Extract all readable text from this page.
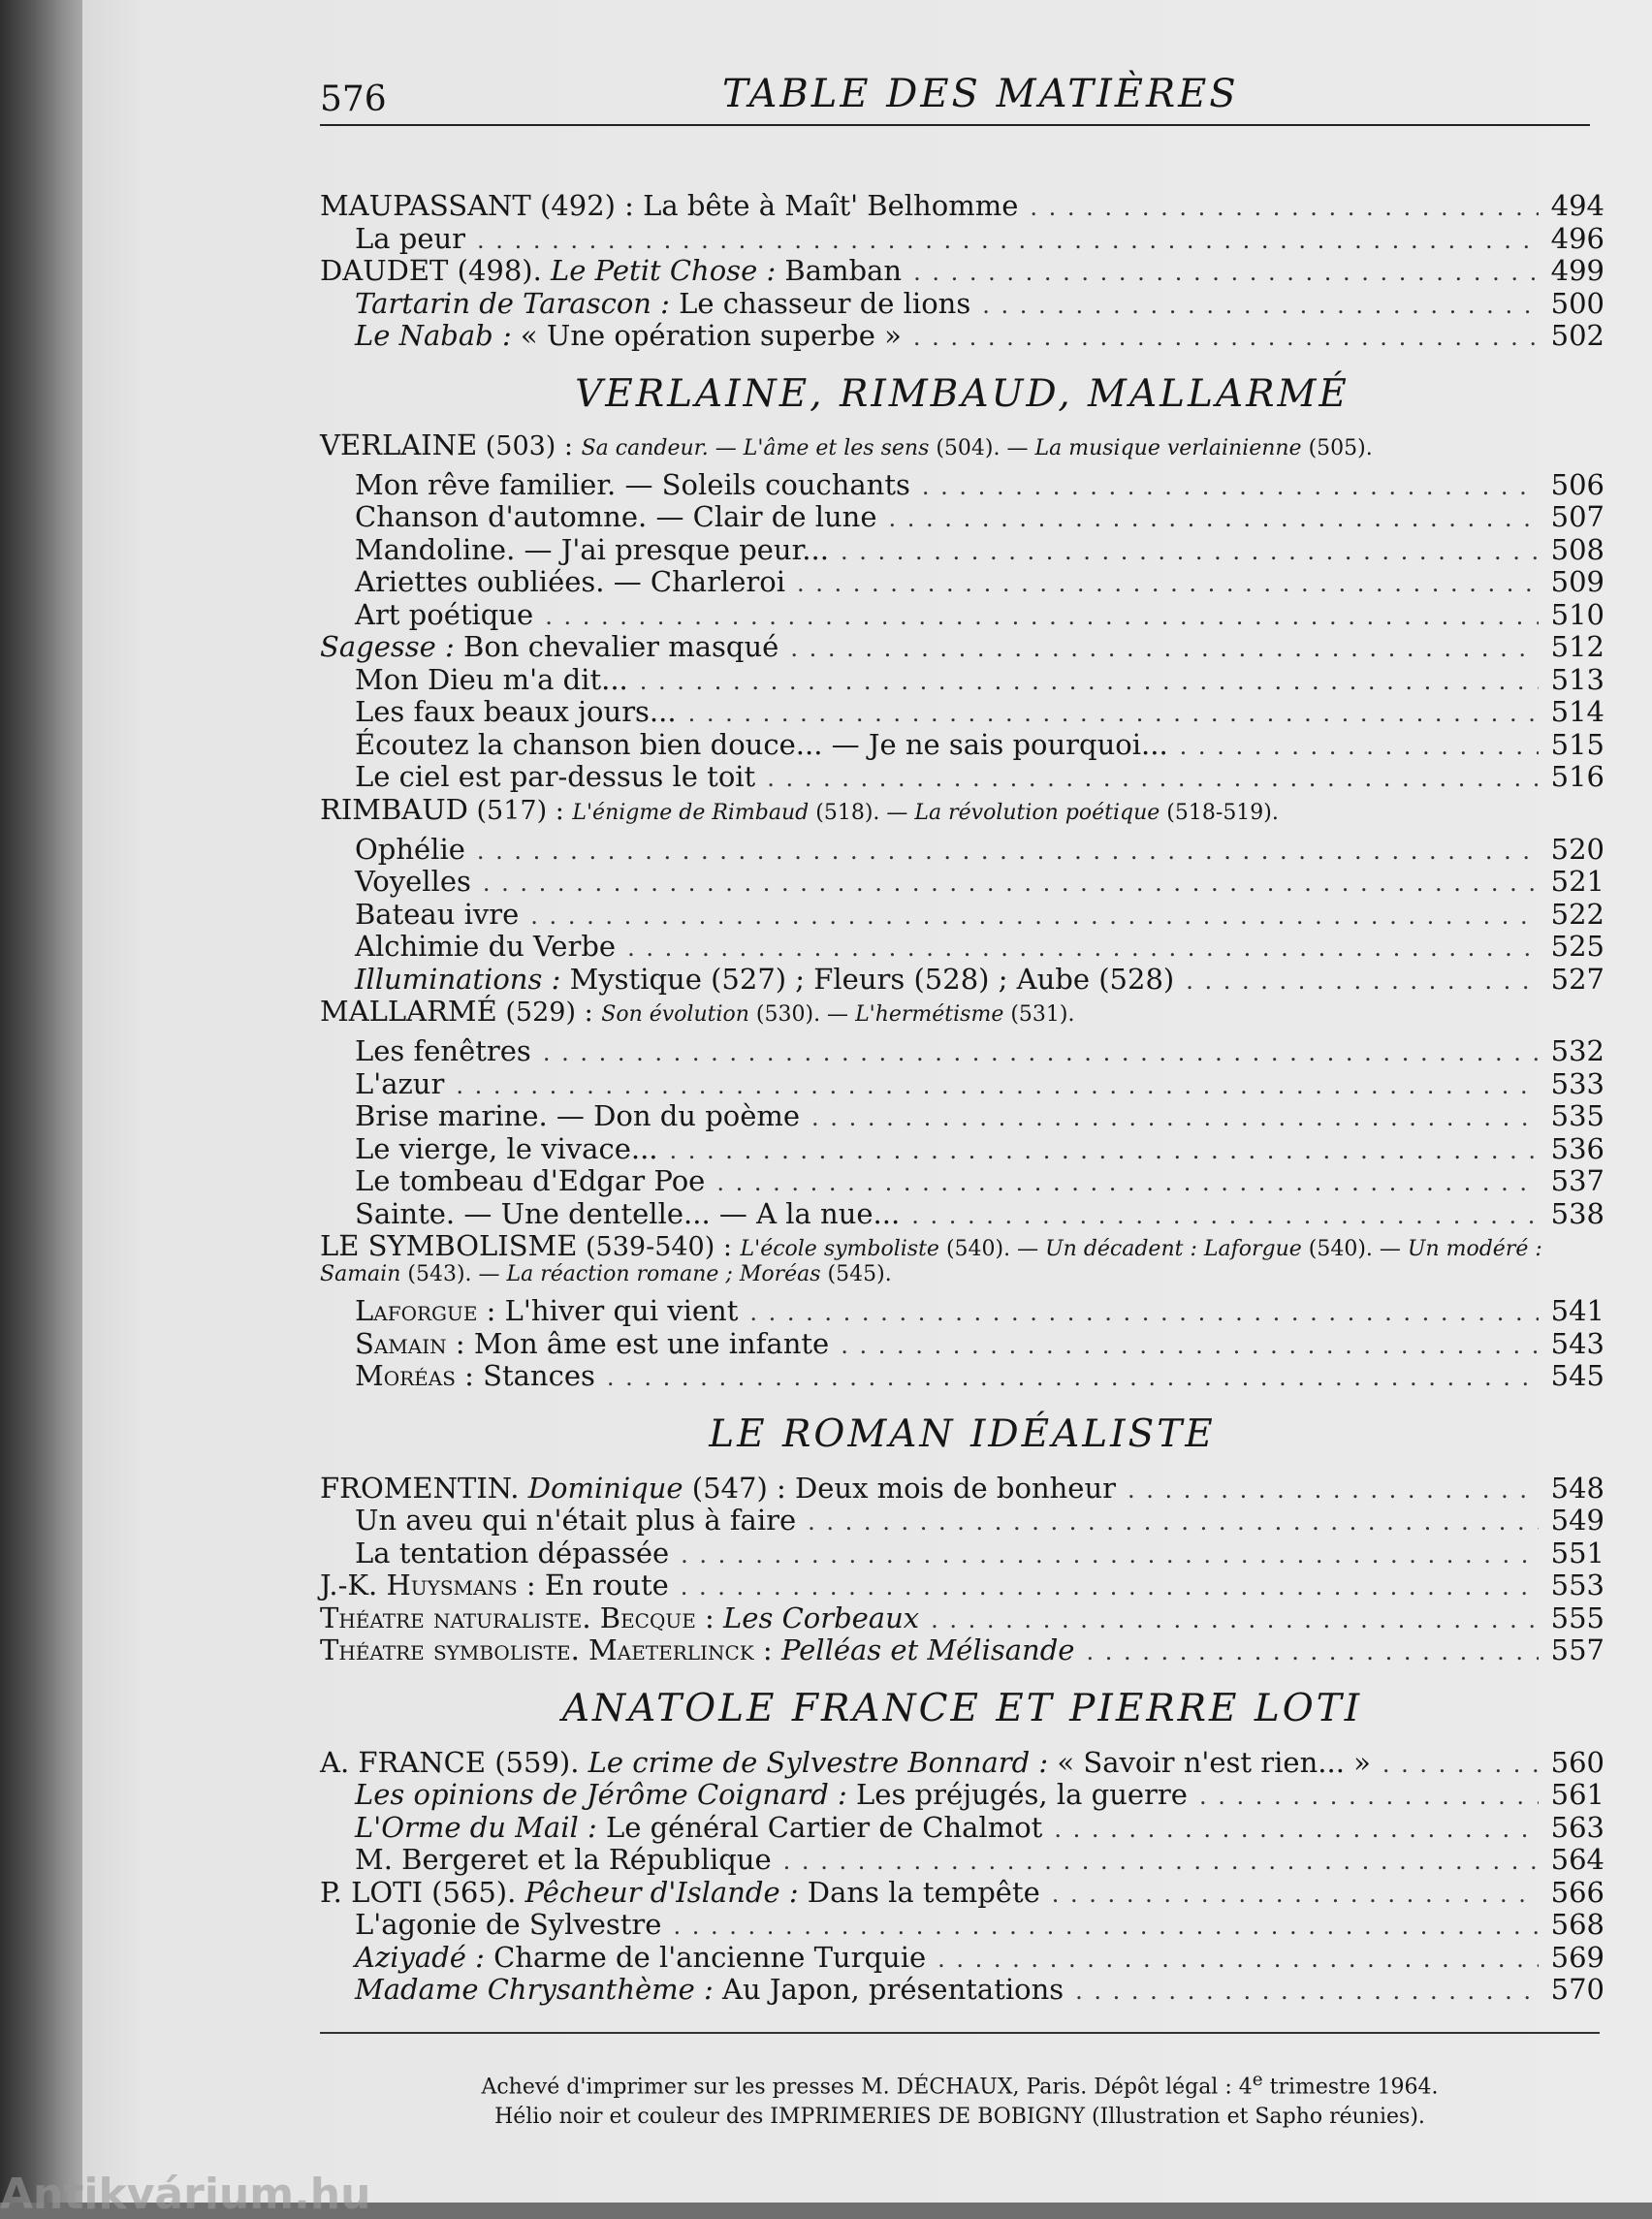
576	TABLE DES MATIÈRES
MAUPASSANT (492) : La bête à Maît' Belhomme . . .	494
La peur . . .	496
DAUDET (498). Le Petit Chose : Bamban . . .	499
Tartarin de Tarascon : Le chasseur de lions . . .	500
Le Nabab : « Une opération superbe » . . .	502
VERLAINE, RIMBAUD, MALLARMÉ
VERLAINE (503) : Sa candeur. — L'âme et les sens (504). — La musique verlainienne (505).
Mon rêve familier. — Soleils couchants . . .	506
Chanson d'automne. — Clair de lune . . .	507
Mandoline. — J'ai presque peur... . . .	508
Ariettes oubliées. — Charleroi . . .	509
Art poétique . . .	510
Sagesse : Bon chevalier masqué . . .	512
Mon Dieu m'a dit... . . .	513
Les faux beaux jours... . . .	514
Écoutez la chanson bien douce... — Je ne sais pourquoi... . . .	515
Le ciel est par-dessus le toit . . .	516
RIMBAUD (517) : L'énigme de Rimbaud (518). — La révolution poétique (518-519).
Ophélie . . .	520
Voyelles . . .	521
Bateau ivre . . .	522
Alchimie du Verbe . . .	525
Illuminations : Mystique (527) ; Fleurs (528) ; Aube (528) . . .	527
MALLARMÉ (529) : Son évolution (530). — L'hermétisme (531).
Les fenêtres . . .	532
L'azur . . .	533
Brise marine. — Don du poème . . .	535
Le vierge, le vivace... . . .	536
Le tombeau d'Edgar Poe . . .	537
Sainte. — Une dentelle... — A la nue... . . .	538
LE SYMBOLISME (539-540) : L'école symboliste (540). — Un décadent : Laforgue (540). — Un modéré : Samain (543). — La réaction romane ; Moréas (545).
Laforgue : L'hiver qui vient . . .	541
Samain : Mon âme est une infante . . .	543
Moréas : Stances . . .	545
LE ROMAN IDÉALISTE
FROMENTIN. Dominique (547) : Deux mois de bonheur . . .	548
Un aveu qui n'était plus à faire . . .	549
La tentation dépassée . . .	551
J.-K. Huysmans : En route . . .	553
Théatre naturaliste. Becque : Les Corbeaux . . .	555
Théatre symboliste. Maeterlinck : Pelléas et Mélisande . . .	557
ANATOLE FRANCE ET PIERRE LOTI
A. FRANCE (559). Le crime de Sylvestre Bonnard : « Savoir n'est rien... » . . .	560
Les opinions de Jérôme Coignard : Les préjugés, la guerre . . .	561
L'Orme du Mail : Le général Cartier de Chalmot . . .	563
M. Bergeret et la République . . .	564
P. LOTI (565). Pêcheur d'Islande : Dans la tempête . . .	566
L'agonie de Sylvestre . . .	568
Aziyadé : Charme de l'ancienne Turquie . . .	569
Madame Chrysanthème : Au Japon, présentations . . .	570
Achevé d'imprimer sur les presses M. DÉCHAUX, Paris. Dépôt légal : 4e trimestre 1964.
Hélio noir et couleur des IMPRIMERIES DE BOBIGNY (Illustration et Sapho réunies).
Antikvárium.hu
